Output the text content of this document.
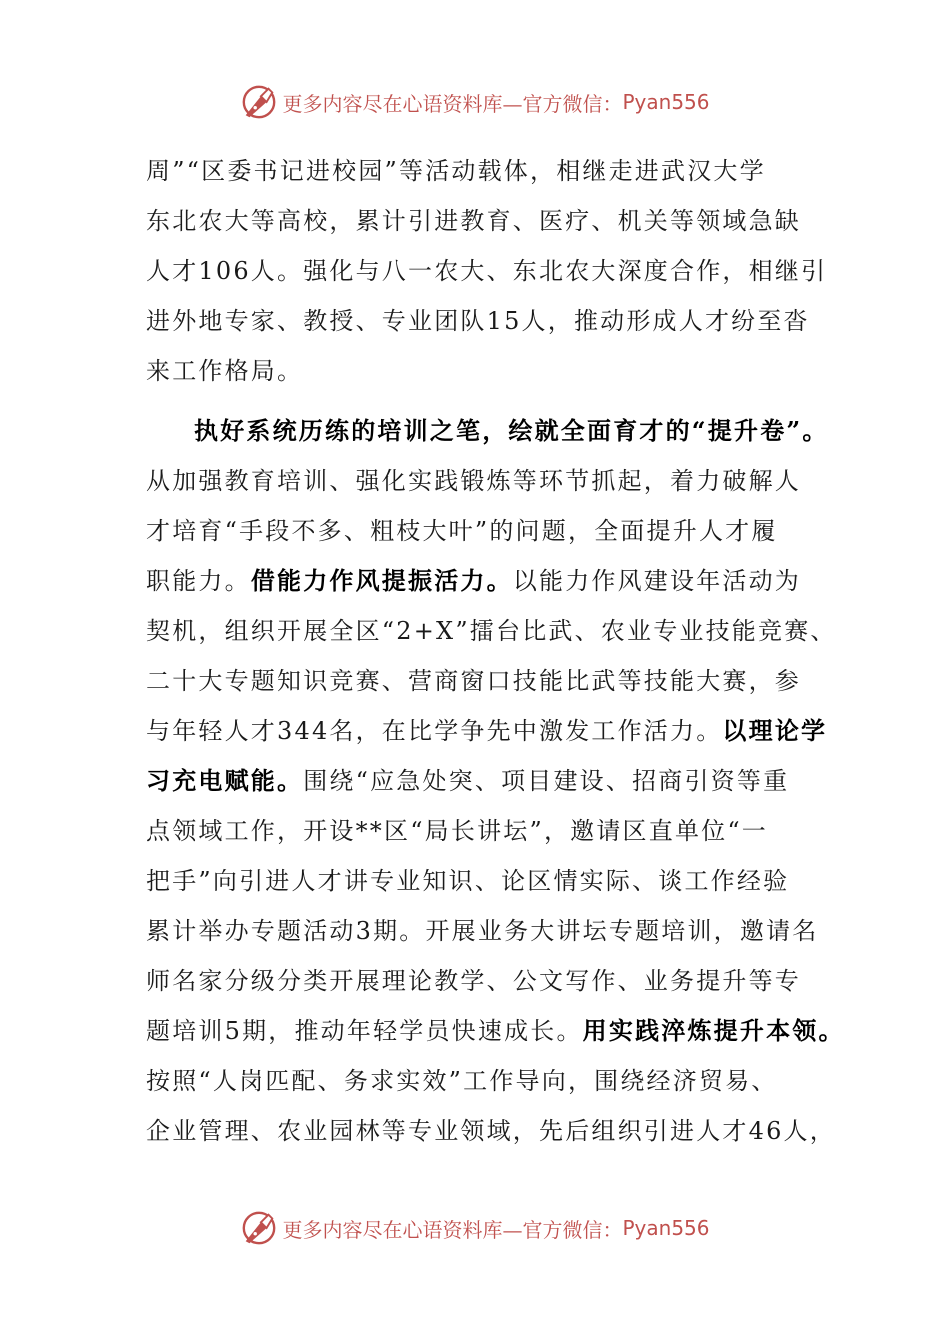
更多内容尽在心语资料库—官方微信： Pyan556

周”“区委书记进校园”等活动载体，相继走进武汉大学
东北农大等高校，累计引进教育、医疗、机关等领域急缺
人才106人。强化与八一农大、东北农大深度合作，相继引
进外地专家、教授、专业团队15人，推动形成人才纷至沓
来工作格局。

执好系统历练的培训之笔，绘就全面育才的“提升卷”。
从加强教育培训、强化实践锻炼等环节抓起，着力破解人
才培育“手段不多、粗枝大叶”的问题，全面提升人才履
职能力。借能力作风提振活力。以能力作风建设年活动为
契机，组织开展全区“2+X”擂台比武、农业专业技能竞赛、
二十大专题知识竞赛、营商窗口技能比武等技能大赛，参
与年轻人才344名，在比学争先中激发工作活力。以理论学
习充电赋能。围绕“应急处突、项目建设、招商引资等重
点领域工作，开设**区“局长讲坛”，邀请区直单位“一
把手”向引进人才讲专业知识、论区情实际、谈工作经验
累计举办专题活动3期。开展业务大讲坛专题培训，邀请名
师名家分级分类开展理论教学、公文写作、业务提升等专
题培训5期，推动年轻学员快速成长。用实践淬炼提升本领。
按照“人岗匹配、务求实效”工作导向，围绕经济贸易、
企业管理、农业园林等专业领域，先后组织引进人才46人，

更多内容尽在心语资料库—官方微信： Pyan556
